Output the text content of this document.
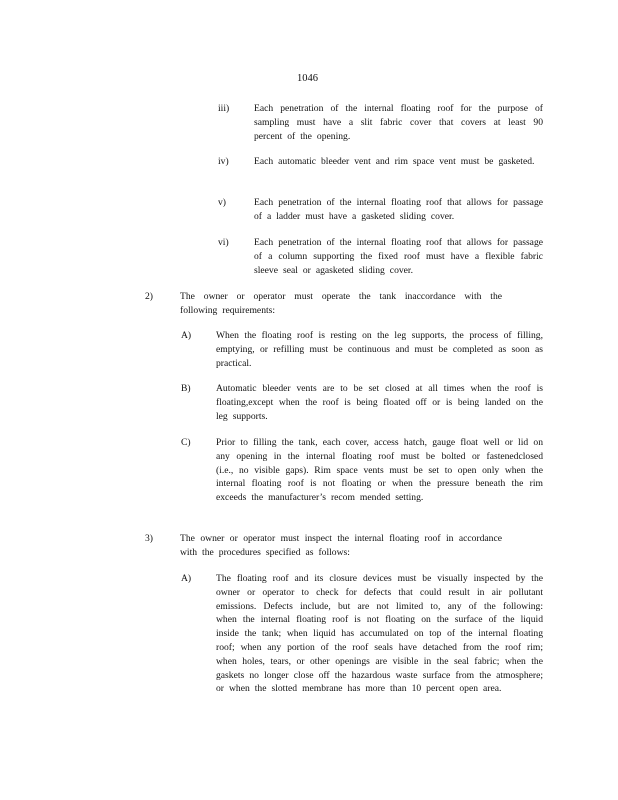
1046
iii)	Each penetration of the internal floating roof for the purpose of sampling must have a slit fabric cover that covers at least 90 percent of the opening.
iv)	Each automatic bleeder vent and rim space vent must be gasketed.
v)	Each penetration of the internal floating roof that allows for passage of a ladder must have a gasketed sliding cover.
vi)	Each penetration of the internal floating roof that allows for passage of a column supporting the fixed roof must have a flexible fabric sleeve seal or agasketed sliding cover.
2)	The owner or operator must operate the tank inaccordance with the following requirements:
A)	When the floating roof is resting on the leg supports, the process of filling, emptying, or refilling must be continuous and must be completed as soon as practical.
B)	Automatic bleeder vents are to be set closed at all times when the roof is floating,except when the roof is being floated off or is being landed on the leg supports.
C)	Prior to filling the tank, each cover, access hatch, gauge float well or lid on any opening in the internal floating roof must be bolted or fastenedclosed (i.e., no visible gaps). Rim space vents must be set to open only when the internal floating roof is not floating or when the pressure beneath the rim exceeds the manufacturer’s recom mended setting.
3)	The owner or operator must inspect the internal floating roof in accordance with the procedures specified as follows:
A)	The floating roof and its closure devices must be visually inspected by the owner or operator to check for defects that could result in air pollutant emissions. Defects include, but are not limited to, any of the following: when the internal floating roof is not floating on the surface of the liquid inside the tank; when liquid has accumulated on top of the internal floating roof; when any portion of the roof seals have detached from the roof rim; when holes, tears, or other openings are visible in the seal fabric; when the gaskets no longer close off the hazardous waste surface from the atmosphere; or when the slotted membrane has more than 10 percent open area.
